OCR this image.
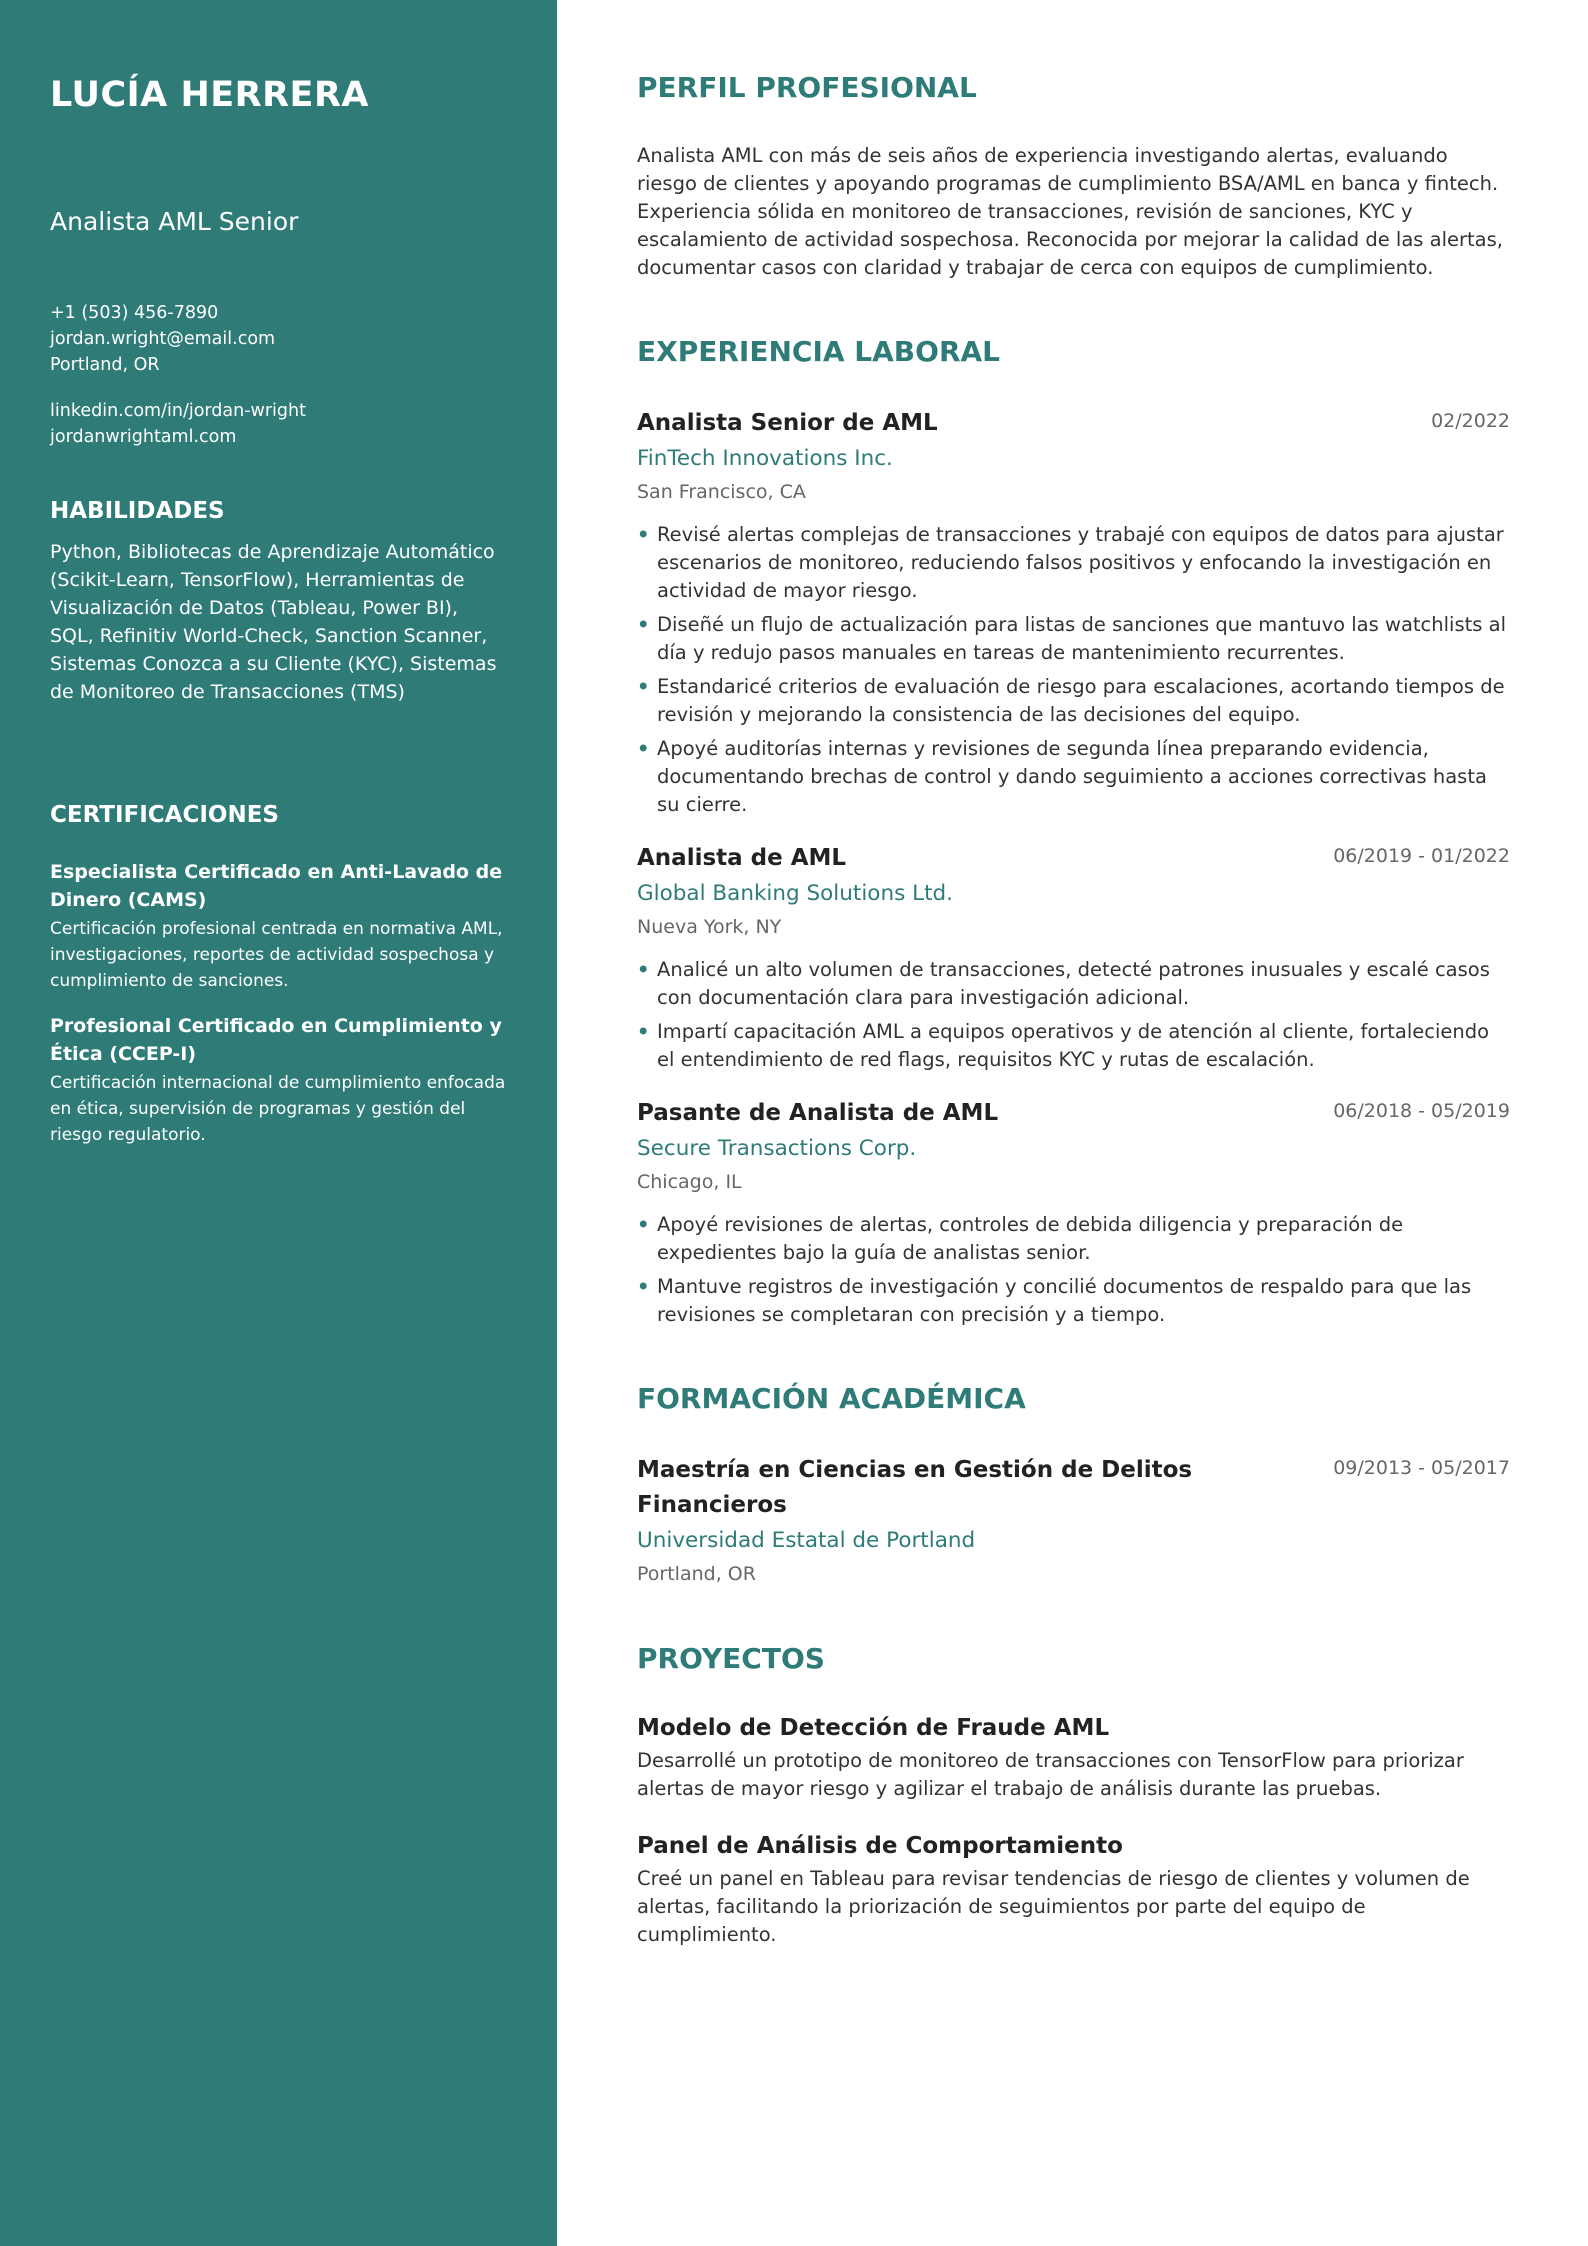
LUCÍA HERRERA
Analista AML Senior
+1 (503) 456-7890
jordan.wright@email.com
Portland, OR
linkedin.com/in/jordan-wright
jordanwrightaml.com
HABILIDADES
Python, Bibliotecas de Aprendizaje Automático (Scikit-Learn, TensorFlow), Herramientas de Visualización de Datos (Tableau, Power BI), SQL, Refinitiv World-Check, Sanction Scanner, Sistemas Conozca a su Cliente (KYC), Sistemas de Monitoreo de Transacciones (TMS)
CERTIFICACIONES
Especialista Certificado en Anti-Lavado de Dinero (CAMS)
Certificación profesional centrada en normativa AML, investigaciones, reportes de actividad sospechosa y cumplimiento de sanciones.
Profesional Certificado en Cumplimiento y Ética (CCEP-I)
Certificación internacional de cumplimiento enfocada en ética, supervisión de programas y gestión del riesgo regulatorio.
PERFIL PROFESIONAL
Analista AML con más de seis años de experiencia investigando alertas, evaluando riesgo de clientes y apoyando programas de cumplimiento BSA/AML en banca y fintech. Experiencia sólida en monitoreo de transacciones, revisión de sanciones, KYC y escalamiento de actividad sospechosa. Reconocida por mejorar la calidad de las alertas, documentar casos con claridad y trabajar de cerca con equipos de cumplimiento.
EXPERIENCIA LABORAL
Analista Senior de AML	02/2022
FinTech Innovations Inc.
San Francisco, CA
• Revisé alertas complejas de transacciones y trabajé con equipos de datos para ajustar escenarios de monitoreo, reduciendo falsos positivos y enfocando la investigación en actividad de mayor riesgo.
• Diseñé un flujo de actualización para listas de sanciones que mantuvo las watchlists al día y redujo pasos manuales en tareas de mantenimiento recurrentes.
• Estandaricé criterios de evaluación de riesgo para escalaciones, acortando tiempos de revisión y mejorando la consistencia de las decisiones del equipo.
• Apoyé auditorías internas y revisiones de segunda línea preparando evidencia, documentando brechas de control y dando seguimiento a acciones correctivas hasta su cierre.
Analista de AML	06/2019 - 01/2022
Global Banking Solutions Ltd.
Nueva York, NY
• Analicé un alto volumen de transacciones, detecté patrones inusuales y escalé casos con documentación clara para investigación adicional.
• Impartí capacitación AML a equipos operativos y de atención al cliente, fortaleciendo el entendimiento de red flags, requisitos KYC y rutas de escalación.
Pasante de Analista de AML	06/2018 - 05/2019
Secure Transactions Corp.
Chicago, IL
• Apoyé revisiones de alertas, controles de debida diligencia y preparación de expedientes bajo la guía de analistas senior.
• Mantuve registros de investigación y concilié documentos de respaldo para que las revisiones se completaran con precisión y a tiempo.
FORMACIÓN ACADÉMICA
Maestría en Ciencias en Gestión de Delitos Financieros
09/2013 - 05/2017
Universidad Estatal de Portland
Portland, OR
PROYECTOS
Modelo de Detección de Fraude AML
Desarrollé un prototipo de monitoreo de transacciones con TensorFlow para priorizar alertas de mayor riesgo y agilizar el trabajo de análisis durante las pruebas.
Panel de Análisis de Comportamiento
Creé un panel en Tableau para revisar tendencias de riesgo de clientes y volumen de alertas, facilitando la priorización de seguimientos por parte del equipo de cumplimiento.
